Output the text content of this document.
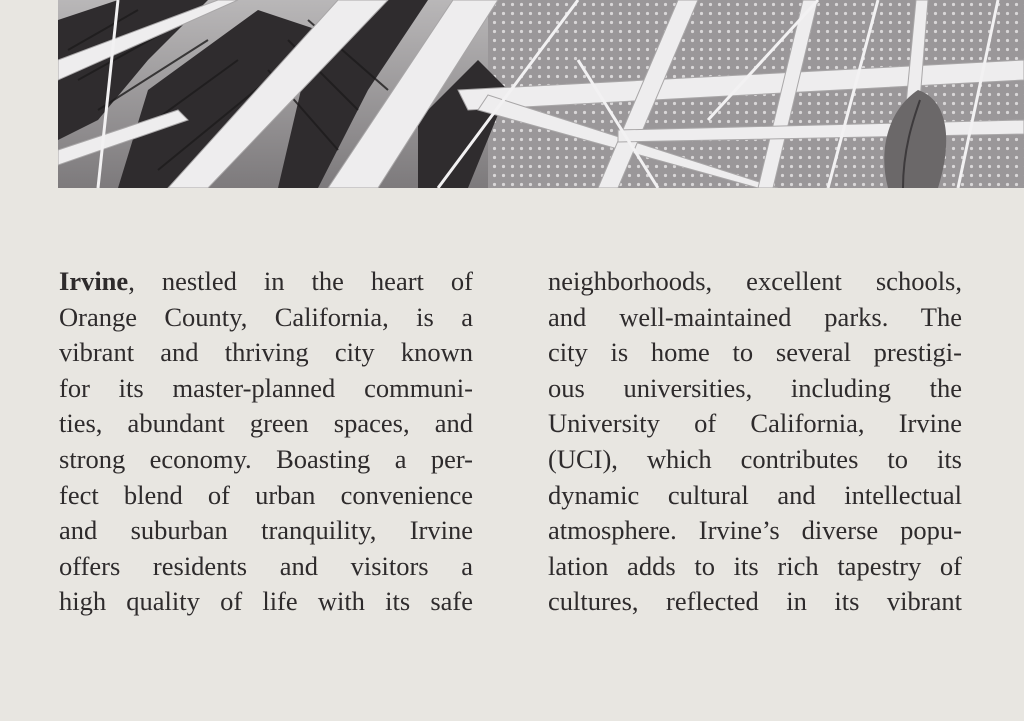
Irvine, nestled in the heart of
Orange County, California, is a
vibrant and thriving city known
for its master-planned communi-
ties, abundant green spaces, and
strong economy. Boasting a per-
fect blend of urban convenience
and suburban tranquility, Irvine
offers residents and visitors a
high quality of life with its safe
neighborhoods, excellent schools,
and well-maintained parks. The
city is home to several prestigi-
ous universities, including the
University of California, Irvine
(UCI), which contributes to its
dynamic cultural and intellectual
atmosphere. Irvine’s diverse popu-
lation adds to its rich tapestry of
cultures, reflected in its vibrant
